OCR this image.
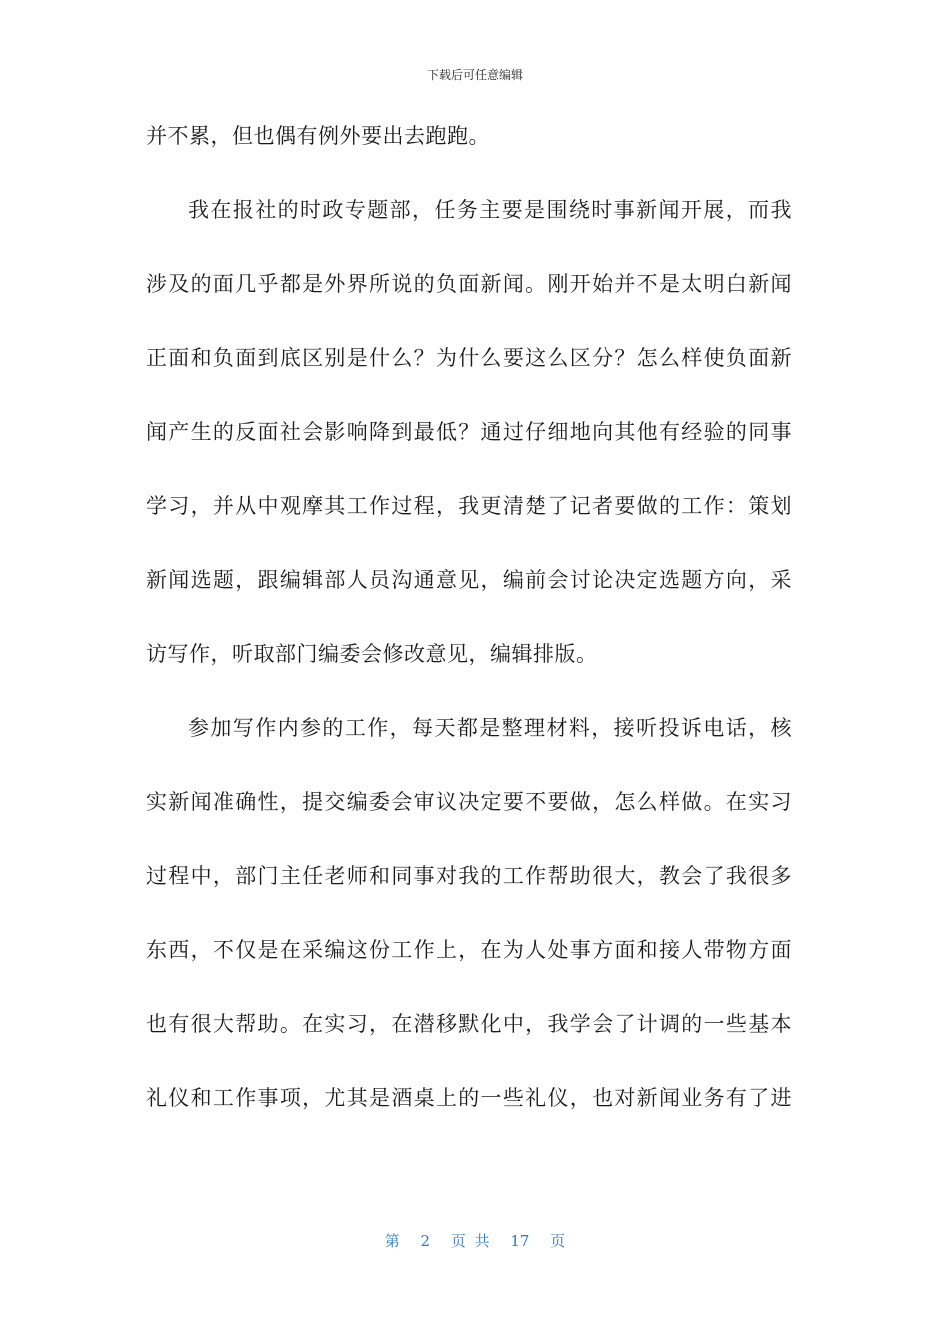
下载后可任意编辑
并不累，但也偶有例外要出去跑跑。
我在报社的时政专题部，任务主要是围绕时事新闻开展，而我
涉及的面几乎都是外界所说的负面新闻。刚开始并不是太明白新闻
正面和负面到底区别是什么？为什么要这么区分？怎么样使负面新
闻产生的反面社会影响降到最低？通过仔细地向其他有经验的同事
学习，并从中观摩其工作过程，我更清楚了记者要做的工作：策划
新闻选题，跟编辑部人员沟通意见，编前会讨论决定选题方向，采
访写作，听取部门编委会修改意见，编辑排版。
参加写作内参的工作，每天都是整理材料，接听投诉电话，核
实新闻准确性，提交编委会审议决定要不要做，怎么样做。在实习
过程中，部门主任老师和同事对我的工作帮助很大，教会了我很多
东西，不仅是在采编这份工作上，在为人处事方面和接人带物方面
也有很大帮助。在实习，在潜移默化中，我学会了计调的一些基本
礼仪和工作事项，尤其是酒桌上的一些礼仪，也对新闻业务有了进
第 2 页 共 17 页
